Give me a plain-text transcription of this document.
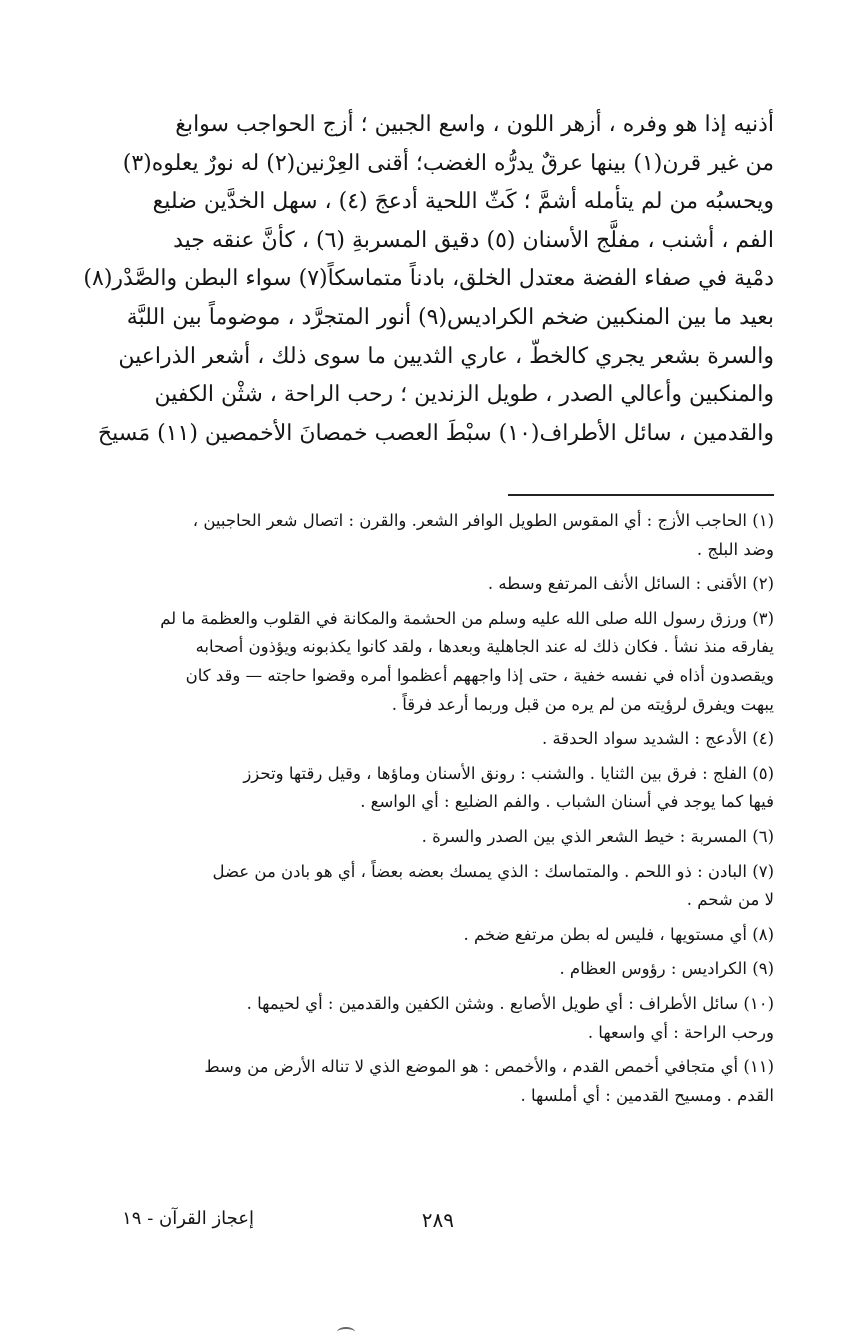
أذنيه إذا هو وفره ، أزهر اللون ، واسع الجبين ؛ أزج الحواجب سوابغ
من غير قرن(١) بينها عرقٌ يدرُّه الغضب؛ أقنى العِرْنين(٢) له نورٌ يعلوه(٣)
ويحسبُه من لم يتأمله أشمَّ ؛ كَثّ اللحية أدعجَ (٤) ، سهل الخدَّين ضليع
الفم ، أشنب ، مفلَّج الأسنان (٥) دقيق المسربةِ (٦) ، كأنَّ عنقه جيد
دمْية في صفاء الفضة معتدل الخلق، بادناً متماسكاً(٧) سواء البطن والصَّدْر(٨)
بعيد ما بين المنكبين ضخم الكراديس(٩) أنور المتجرَّد ، موضوماً بين اللبَّة
والسرة بشعر يجري كالخطّ ، عاري الثديين ما سوى ذلك ، أشعر الذراعين
والمنكبين وأعالي الصدر ، طويل الزندين ؛ رحب الراحة ، شثْن الكفين
والقدمين ، سائل الأطراف(١٠) سبْطَ العصب خمصانَ الأخمصين (١١) مَسيحَ
(١) الحاجب الأزج : أي المقوس الطويل الوافر الشعر. والقرن : اتصال شعر الحاجبين ،
وضد البلج .
(٢) الأقنى : السائل الأنف المرتفع وسطه .
(٣) ورزق رسول الله صلى الله عليه وسلم من الحشمة والمكانة في القلوب والعظمة ما لم
يفارقه منذ نشأ . فكان ذلك له عند الجاهلية وبعدها ، ولقد كانوا يكذبونه ويؤذون أصحابه
ويقصدون أذاه في نفسه خفية ، حتى إذا واجههم أعظموا أمره وقضوا حاجته — وقد كان
يبهت ويفرق لرؤيته من لم يره من قبل وربما أرعد فرقاً .
(٤) الأدعج : الشديد سواد الحدقة .
(٥) الفلج : فرق بين الثنايا . والشنب : رونق الأسنان وماؤها ، وقيل رقتها وتحزز
فيها كما يوجد في أسنان الشباب . والفم الضليع : أي الواسع .
(٦) المسربة : خيط الشعر الذي بين الصدر والسرة .
(٧) البادن : ذو اللحم . والمتماسك : الذي يمسك بعضه بعضاً ، أي هو بادن من عضل
لا من شحم .
(٨) أي مستويها ، فليس له بطن مرتفع ضخم .
(٩) الكراديس : رؤوس العظام .
(١٠) سائل الأطراف : أي طويل الأصابع . وشثن الكفين والقدمين : أي لحيمها .
ورحب الراحة : أي واسعها .
(١١) أي متجافي أخمص القدم ، والأخمص : هو الموضع الذي لا تناله الأرض من وسط
القدم . ومسيح القدمين : أي أملسها .
إعجاز القرآن - ١٩	٢٨٩
